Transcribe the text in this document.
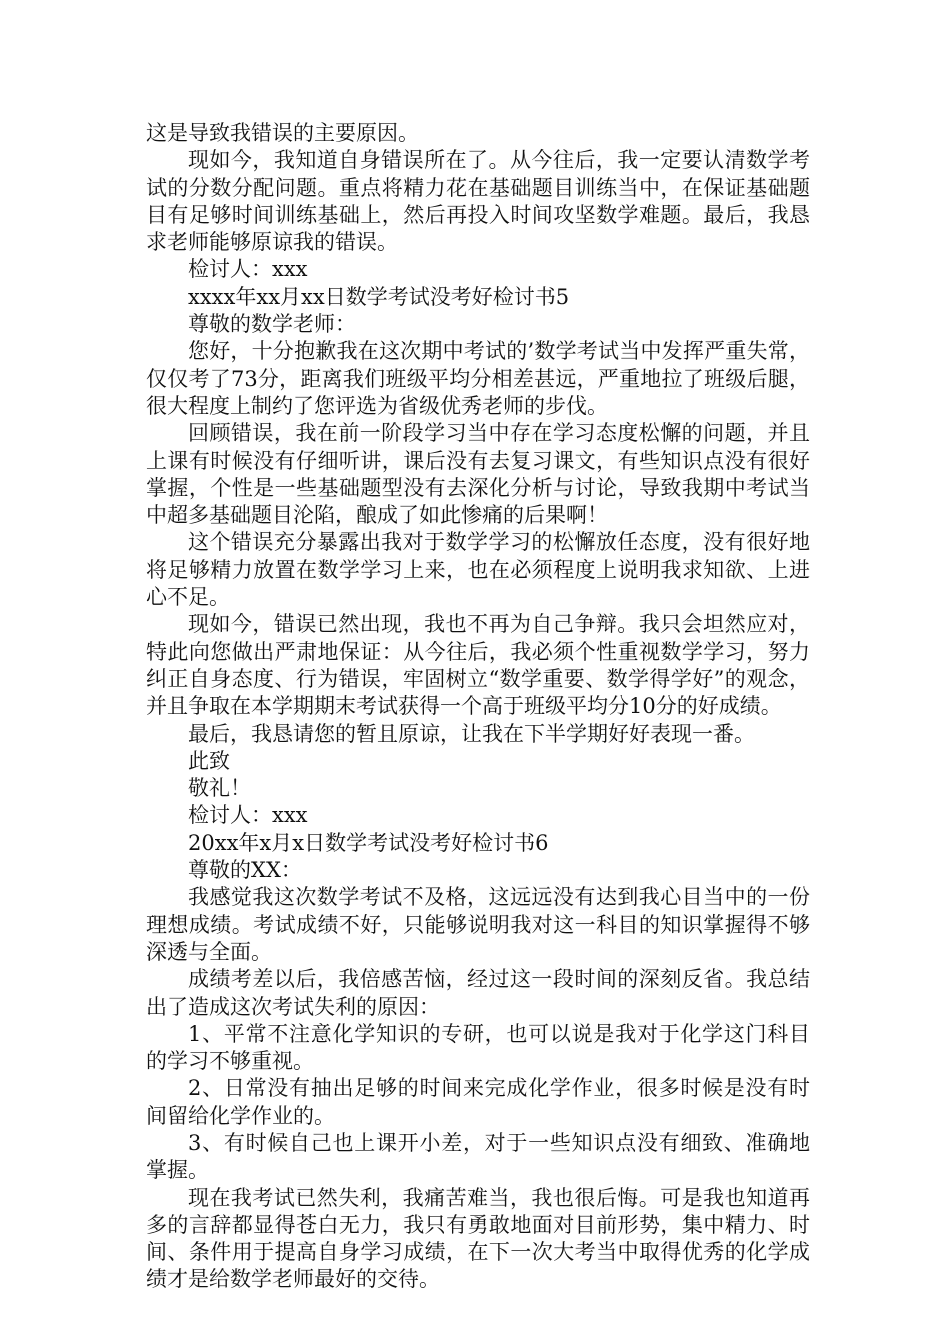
这是导致我错误的主要原因。

现如今，我知道自身错误所在了。从今往后，我一定要认清数学考试的分数分配问题。重点将精力花在基础题目训练当中，在保证基础题目有足够时间训练基础上，然后再投入时间攻坚数学难题。最后，我恳求老师能够原谅我的错误。

检讨人：xxx

xxxx年xx月xx日数学考试没考好检讨书5

尊敬的数学老师：

您好，十分抱歉我在这次期中考试的’数学考试当中发挥严重失常，仅仅考了73分，距离我们班级平均分相差甚远，严重地拉了班级后腿，很大程度上制约了您评选为省级优秀老师的步伐。

回顾错误，我在前一阶段学习当中存在学习态度松懈的问题，并且上课有时候没有仔细听讲，课后没有去复习课文，有些知识点没有很好掌握，个性是一些基础题型没有去深化分析与讨论，导致我期中考试当中超多基础题目沦陷，酿成了如此惨痛的后果啊！

这个错误充分暴露出我对于数学学习的松懈放任态度，没有很好地将足够精力放置在数学学习上来，也在必须程度上说明我求知欲、上进心不足。

现如今，错误已然出现，我也不再为自己争辩。我只会坦然应对，特此向您做出严肃地保证：从今往后，我必须个性重视数学学习，努力纠正自身态度、行为错误，牢固树立“数学重要、数学得学好”的观念，并且争取在本学期期末考试获得一个高于班级平均分10分的好成绩。

最后，我恳请您的暂且原谅，让我在下半学期好好表现一番。

此致

敬礼！

检讨人：xxx

20xx年x月x日数学考试没考好检讨书6

尊敬的XX：

我感觉我这次数学考试不及格，这远远没有达到我心目当中的一份理想成绩。考试成绩不好，只能够说明我对这一科目的知识掌握得不够深透与全面。

成绩考差以后，我倍感苦恼，经过这一段时间的深刻反省。我总结出了造成这次考试失利的原因：

1、平常不注意化学知识的专研，也可以说是我对于化学这门科目的学习不够重视。

2、日常没有抽出足够的时间来完成化学作业，很多时候是没有时间留给化学作业的。

3、有时候自己也上课开小差，对于一些知识点没有细致、准确地掌握。

现在我考试已然失利，我痛苦难当，我也很后悔。可是我也知道再多的言辞都显得苍白无力，我只有勇敢地面对目前形势，集中精力、时间、条件用于提高自身学习成绩，在下一次大考当中取得优秀的化学成绩才是给数学老师最好的交待。
